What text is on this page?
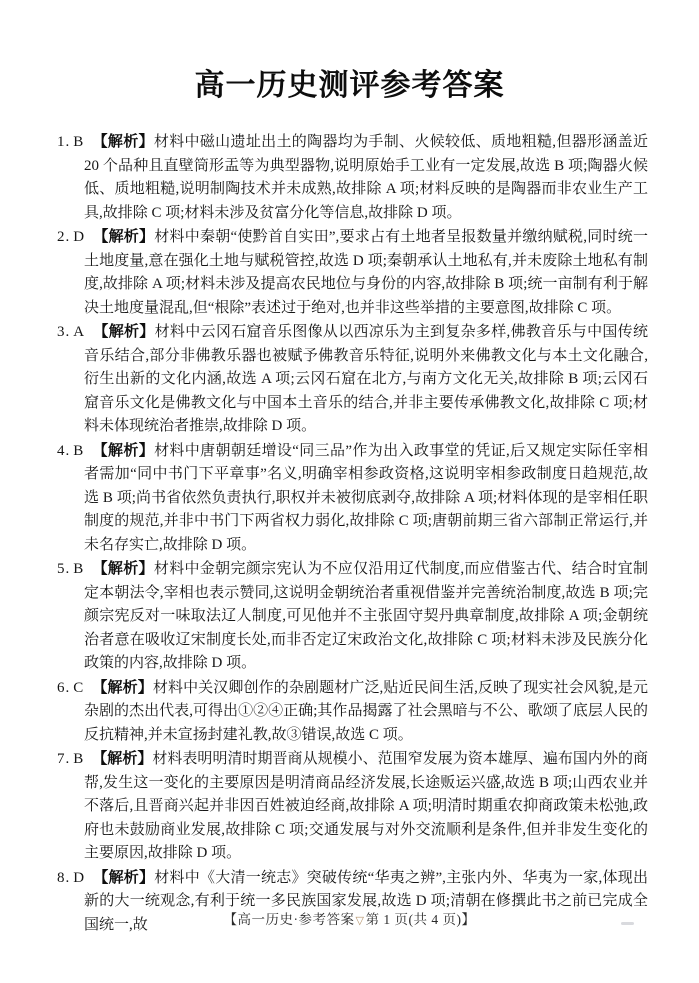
高一历史测评参考答案

1. B 【解析】材料中磁山遗址出土的陶器均为手制、火候较低、质地粗糙,但器形涵盖近 20 个品种且直壁筒形盂等为典型器物,说明原始手工业有一定发展,故选 B 项;陶器火候低、质地粗糙,说明制陶技术并未成熟,故排除 A 项;材料反映的是陶器而非农业生产工具,故排除 C 项;材料未涉及贫富分化等信息,故排除 D 项。

2. D 【解析】材料中秦朝“使黔首自实田”,要求占有土地者呈报数量并缴纳赋税,同时统一土地度量,意在强化土地与赋税管控,故选 D 项;秦朝承认土地私有,并未废除土地私有制度,故排除 A 项;材料未涉及提高农民地位与身份的内容,故排除 B 项;统一亩制有利于解决土地度量混乱,但“根除”表述过于绝对,也并非这些举措的主要意图,故排除 C 项。

3. A 【解析】材料中云冈石窟音乐图像从以西凉乐为主到复杂多样,佛教音乐与中国传统音乐结合,部分非佛教乐器也被赋予佛教音乐特征,说明外来佛教文化与本土文化融合,衍生出新的文化内涵,故选 A 项;云冈石窟在北方,与南方文化无关,故排除 B 项;云冈石窟音乐文化是佛教文化与中国本土音乐的结合,并非主要传承佛教文化,故排除 C 项;材料未体现统治者推崇,故排除 D 项。

4. B 【解析】材料中唐朝朝廷增设“同三品”作为出入政事堂的凭证,后又规定实际任宰相者需加“同中书门下平章事”名义,明确宰相参政资格,这说明宰相参政制度日趋规范,故选 B 项;尚书省依然负责执行,职权并未被彻底剥夺,故排除 A 项;材料体现的是宰相任职制度的规范,并非中书门下两省权力弱化,故排除 C 项;唐朝前期三省六部制正常运行,并未名存实亡,故排除 D 项。

5. B 【解析】材料中金朝完颜宗宪认为不应仅沿用辽代制度,而应借鉴古代、结合时宜制定本朝法令,宰相也表示赞同,这说明金朝统治者重视借鉴并完善统治制度,故选 B 项;完颜宗宪反对一味取法辽人制度,可见他并不主张固守契丹典章制度,故排除 A 项;金朝统治者意在吸收辽宋制度长处,而非否定辽宋政治文化,故排除 C 项;材料未涉及民族分化政策的内容,故排除 D 项。

6. C 【解析】材料中关汉卿创作的杂剧题材广泛,贴近民间生活,反映了现实社会风貌,是元杂剧的杰出代表,可得出①②④正确;其作品揭露了社会黑暗与不公、歌颂了底层人民的反抗精神,并未宣扬封建礼教,故③错误,故选 C 项。

7. B 【解析】材料表明明清时期晋商从规模小、范围窄发展为资本雄厚、遍布国内外的商帮,发生这一变化的主要原因是明清商品经济发展,长途贩运兴盛,故选 B 项;山西农业并不落后,且晋商兴起并非因百姓被迫经商,故排除 A 项;明清时期重农抑商政策未松弛,政府也未鼓励商业发展,故排除 C 项;交通发展与对外交流顺利是条件,但并非发生变化的主要原因,故排除 D 项。

8. D 【解析】材料中《大清一统志》突破传统“华夷之辨”,主张内外、华夷为一家,体现出新的大一统观念,有利于统一多民族国家发展,故选 D 项;清朝在修撰此书之前已完成全国统一,故	【高一历史·参考答案▽第 1 页(共 4 页)】
